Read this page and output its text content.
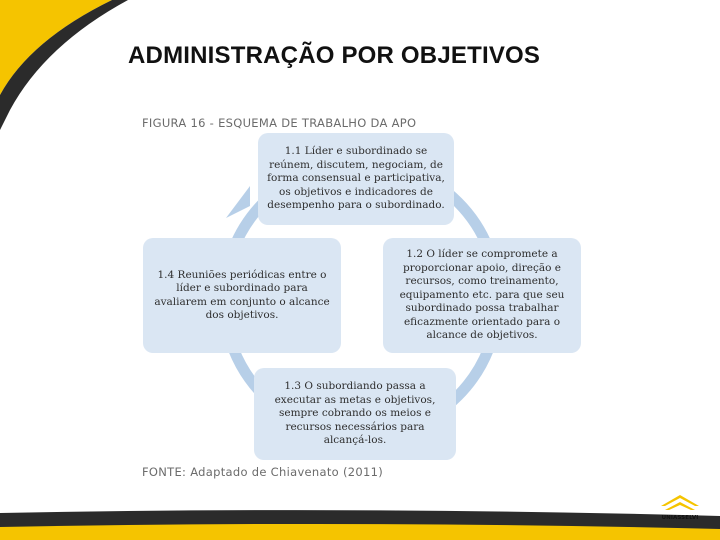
ADMINISTRAÇÃO POR OBJETIVOS
FIGURA 16 - ESQUEMA DE TRABALHO DA APO
1.1 Líder e subordinado se reúnem, discutem, negociam, de forma consensual e participativa, os objetivos e indicadores de desempenho para o subordinado.
1.2 O líder se compromete a proporcionar apoio, direção e recursos, como treinamento, equipamento etc. para que seu subordinado possa trabalhar eficazmente orientado para o alcance de objetivos.
1.3 O subordiando passa a executar as metas e objetivos, sempre cobrando os meios e recursos necessários para alcançá-los.
1.4 Reuniões periódicas entre o líder e subordinado para avaliarem em conjunto o alcance dos objetivos.
FONTE: Adaptado de Chiavenato (2011)
UNIASSELVI
